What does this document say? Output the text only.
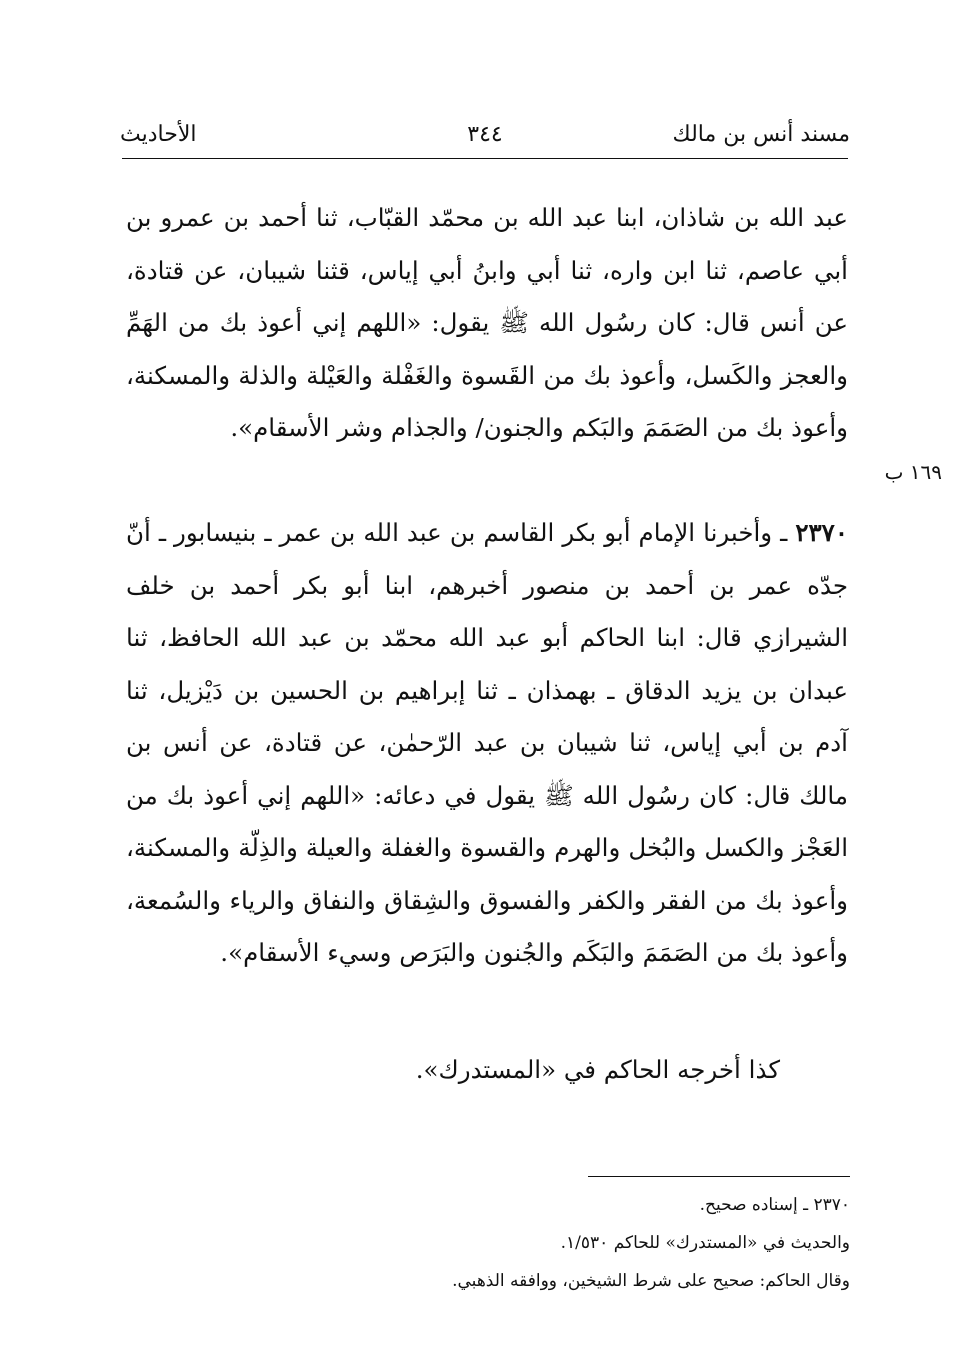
مسند أنس بن مالك
٣٤٤
الأحاديث

عبد الله بن شاذان، ابنا عبد الله بن محمّد القبّاب، ثنا أحمد بن عمرو بن أبي عاصم، ثنا ابن واره، ثنا أبي وابنُ أبي إياس، قثنا شيبان، عن قتادة، عن أنس قال: كان رسُول الله ﷺ يقول: «اللهم إني أعوذ بك من الهَمِّ والعجز والكَسل، وأعوذ بك من القَسوة والغَفْلة والعَيْلة والذلة والمسكنة، وأعوذ بك من الصَمَمَ والبَكم والجنون/ والجذام وشر الأسقام».

١٦٩ ب

٢٣٧٠ ـ وأخبرنا الإمام أبو بكر القاسم بن عبد الله بن عمر ـ بنيسابور ـ أنّ جدّه عمر بن أحمد بن منصور أخبرهم، ابنا أبو بكر أحمد بن خلف الشيرازي قال: ابنا الحاكم أبو عبد الله محمّد بن عبد الله الحافظ، ثنا عبدان بن يزيد الدقاق ـ بهمذان ـ ثنا إبراهيم بن الحسين بن دَيْزيل، ثنا آدم بن أبي إياس، ثنا شيبان بن عبد الرّحمٰن، عن قتادة، عن أنس بن مالك قال: كان رسُول الله ﷺ يقول في دعائه: «اللهم إني أعوذ بك من العَجْز والكسل والبُخل والهرم والقسوة والغفلة والعيلة والذِلّة والمسكنة، وأعوذ بك من الفقر والكفر والفسوق والشِقاق والنفاق والرياء والسُمعة، وأعوذ بك من الصَمَمَ والبَكَم والجُنون والبَرَص وسيء الأسقام».

كذا أخرجه الحاكم في «المستدرك».

٢٣٧٠ ـ إسناده صحيح.
والحديث في «المستدرك» للحاكم ١/٥٣٠.
وقال الحاكم: صحيح على شرط الشيخين، ووافقه الذهبي.
